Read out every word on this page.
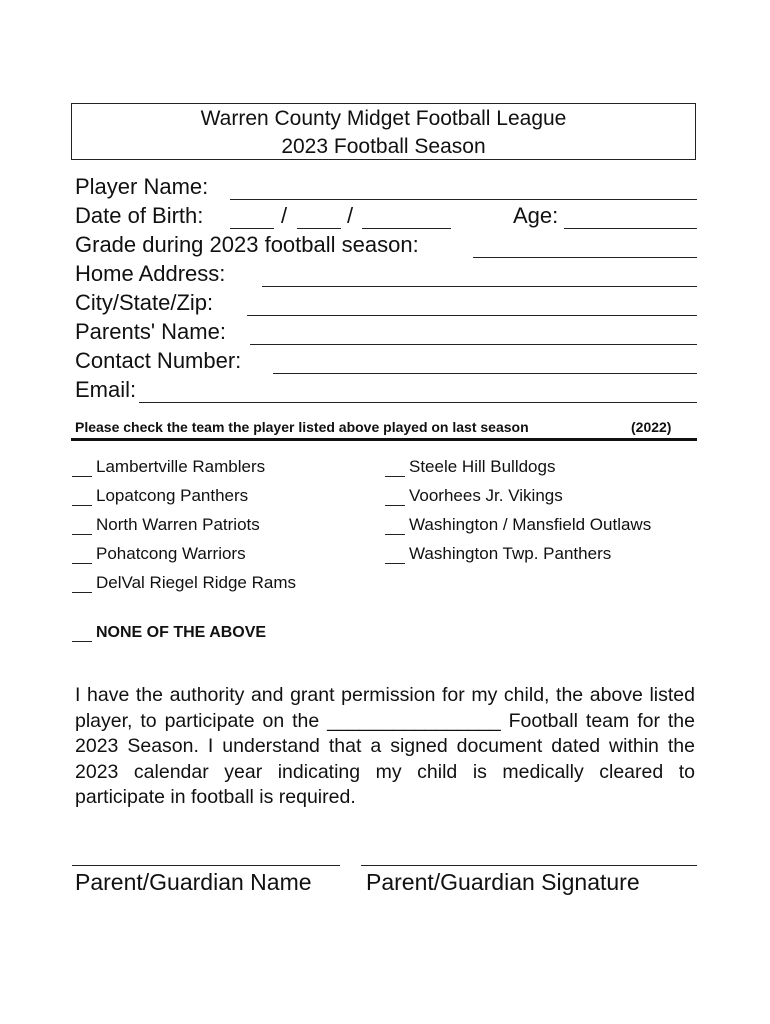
Warren County Midget Football League
2023 Football Season
Player Name:
Date of Birth:	/	/	Age:
Grade during 2023 football season:
Home Address:
City/State/Zip:
Parents' Name:
Contact Number:
Email:
Please check the team the player listed above played on last season	(2022)
Lambertville Ramblers
Lopatcong Panthers
North Warren Patriots
Pohatcong Warriors
DelVal Riegel Ridge Rams
Steele Hill Bulldogs
Voorhees Jr. Vikings
Washington / Mansfield Outlaws
Washington Twp. Panthers
NONE OF THE ABOVE
I have the authority and grant permission for my child, the above listed player, to participate on the ________________ Football team for the 2023 Season. I understand that a signed document dated within the 2023 calendar year indicating my child is medically cleared to participate in football is required.
Parent/Guardian Name Parent/Guardian Signature
